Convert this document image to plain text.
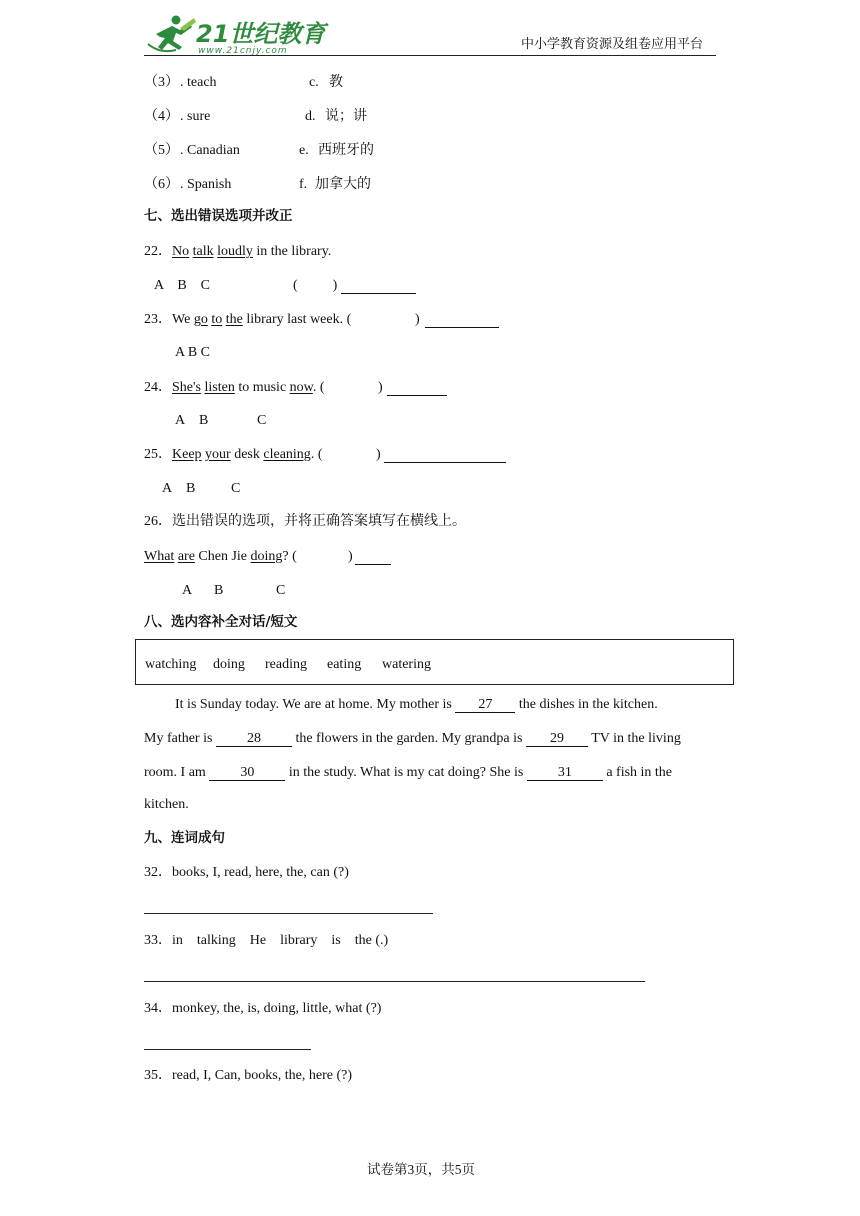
21世纪教育
www.21cnjy.com	中小学教育资源及组卷应用平台
（3） . teach	c. 教
（4） . sure	d. 说；讲
（5） . Canadian	e. 西班牙的
（6） . Spanish	f. 加拿大的
七、选出错误选项并改正
22．No talk loudly in the library.
A    B    C	(          )
23．We go to the library last week. (	)
A B C
24．She's listen to music now. (	)
A B	C
25．Keep your desk cleaning. (	)
A B	C
26．选出错误的选项，并将正确答案填写在横线上。
What are Chen Jie doing? (	)
A B	C
八、选内容补全对话/短文
watching doing reading eating watering
It is Sunday today. We are at home. My mother is 27 the dishes in the kitchen.
My father is 28 the flowers in the garden. My grandpa is 29 TV in the living
room. I am 30 in the study. What is my cat doing? She is 31 a fish in the
kitchen.
九、连词成句
32．books, I, read, here, the, can (?)
33．in    talking    He    library    is    the (.)
34．monkey, the, is, doing, little, what (?)
35．read, I, Can, books, the, here (?)
试卷第3页，共5页
